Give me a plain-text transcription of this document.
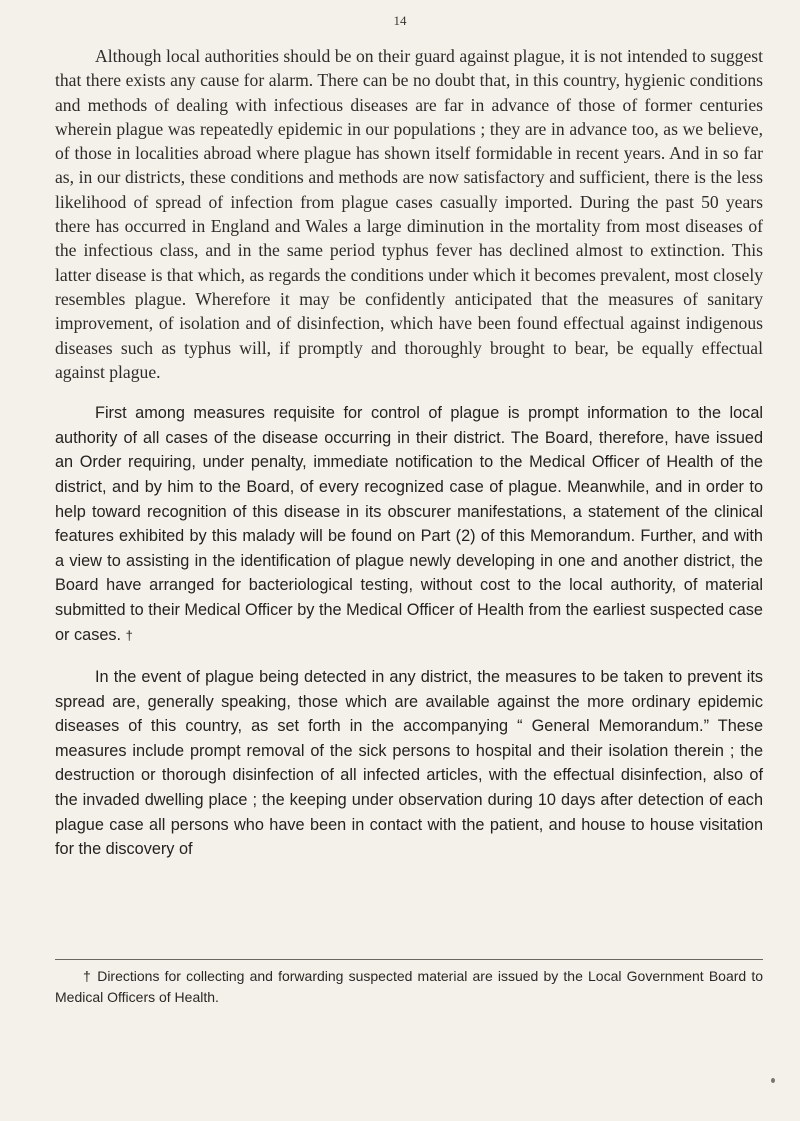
14

Although local authorities should be on their guard against plague, it is not intended to suggest that there exists any cause for alarm. There can be no doubt that, in this country, hygienic conditions and methods of dealing with infectious diseases are far in advance of those of former centuries wherein plague was repeatedly epidemic in our populations ; they are in advance too, as we believe, of those in localities abroad where plague has shown itself formidable in recent years. And in so far as, in our districts, these conditions and methods are now satisfactory and sufficient, there is the less likelihood of spread of infection from plague cases casually imported. During the past 50 years there has occurred in England and Wales a large diminution in the mortality from most diseases of the infectious class, and in the same period typhus fever has declined almost to extinction. This latter disease is that which, as regards the conditions under which it becomes prevalent, most closely resembles plague. Wherefore it may be confidently anticipated that the measures of sanitary improvement, of isolation and of disinfection, which have been found effectual against indigenous diseases such as typhus will, if promptly and thoroughly brought to bear, be equally effectual against plague.

First among measures requisite for control of plague is prompt information to the local authority of all cases of the disease occurring in their district. The Board, therefore, have issued an Order requiring, under penalty, immediate notification to the Medical Officer of Health of the district, and by him to the Board, of every recognized case of plague. Meanwhile, and in order to help toward recognition of this disease in its obscurer manifestations, a statement of the clinical features exhibited by this malady will be found on Part (2) of this Memorandum. Further, and with a view to assisting in the identification of plague newly developing in one and another district, the Board have arranged for bacteriological testing, without cost to the local authority, of material submitted to their Medical Officer by the Medical Officer of Health from the earliest suspected case or cases. †

In the event of plague being detected in any district, the measures to be taken to prevent its spread are, generally speaking, those which are available against the more ordinary epidemic diseases of this country, as set forth in the accompanying “ General Memorandum.” These measures include prompt removal of the sick persons to hospital and their isolation therein ; the destruction or thorough disinfection of all infected articles, with the effectual disinfection, also of the invaded dwelling place ; the keeping under observation during 10 days after detection of each plague case all persons who have been in contact with the patient, and house to house visitation for the discovery of

† Directions for collecting and forwarding suspected material are issued by the Local Government Board to Medical Officers of Health.
